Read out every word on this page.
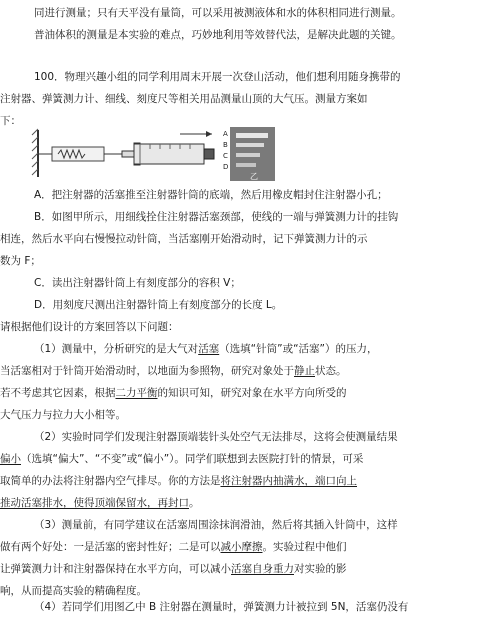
同进行测量；只有天平没有量筒，可以采用被测液体和水的体积相同进行测量。
普油体积的测量是本实验的难点，巧妙地利用等效替代法，是解决此题的关键。
100．物理兴趣小组的同学利用周末开展一次登山活动，他们想利用随身携带的
注射器、弹簧测力计、细线、刻度尺等相关用品测量山顶的大气压。测量方案如
下：
A
B
C
D
乙
A．把注射器的活塞推至注射器针筒的底端，然后用橡皮帽封住注射器小孔；
B．如图甲所示，用细线拴住注射器活塞颈部，使线的一端与弹簧测力计的挂钩
相连，然后水平向右慢慢拉动针筒，当活塞刚开始滑动时，记下弹簧测力计的示
数为 F；
C．读出注射器针筒上有刻度部分的容积 V；
D．用刻度尺测出注射器针筒上有刻度部分的长度 L。
请根据他们设计的方案回答以下问题：
（1）测量中，分析研究的是大气对活塞（选填“针筒”或“活塞”）的压力，
当活塞相对于针筒开始滑动时，以地面为参照物，研究对象处于静止状态。
若不考虑其它因素，根据二力平衡的知识可知，研究对象在水平方向所受的
大气压力与拉力大小相等。
（2）实验时同学们发现注射器顶端装针头处空气无法排尽，这将会使测量结果
偏小（选填“偏大”、“不变”或“偏小”）。同学们联想到去医院打针的情景，可采
取简单的办法将注射器内空气排尽。你的方法是将注射器内抽满水，端口向上
推动活塞排水，使得顶端保留水，再封口。
（3）测量前，有同学建议在活塞周围涂抹润滑油，然后将其插入针筒中，这样
做有两个好处：一是活塞的密封性好；二是可以减小摩擦。实验过程中他们
让弹簧测力计和注射器保持在水平方向，可以减小活塞自身重力对实验的影
响，从而提高实验的精确程度。
（4）若同学们用图乙中 B 注射器在测量时，弹簧测力计被拉到 5N，活塞仍没有
